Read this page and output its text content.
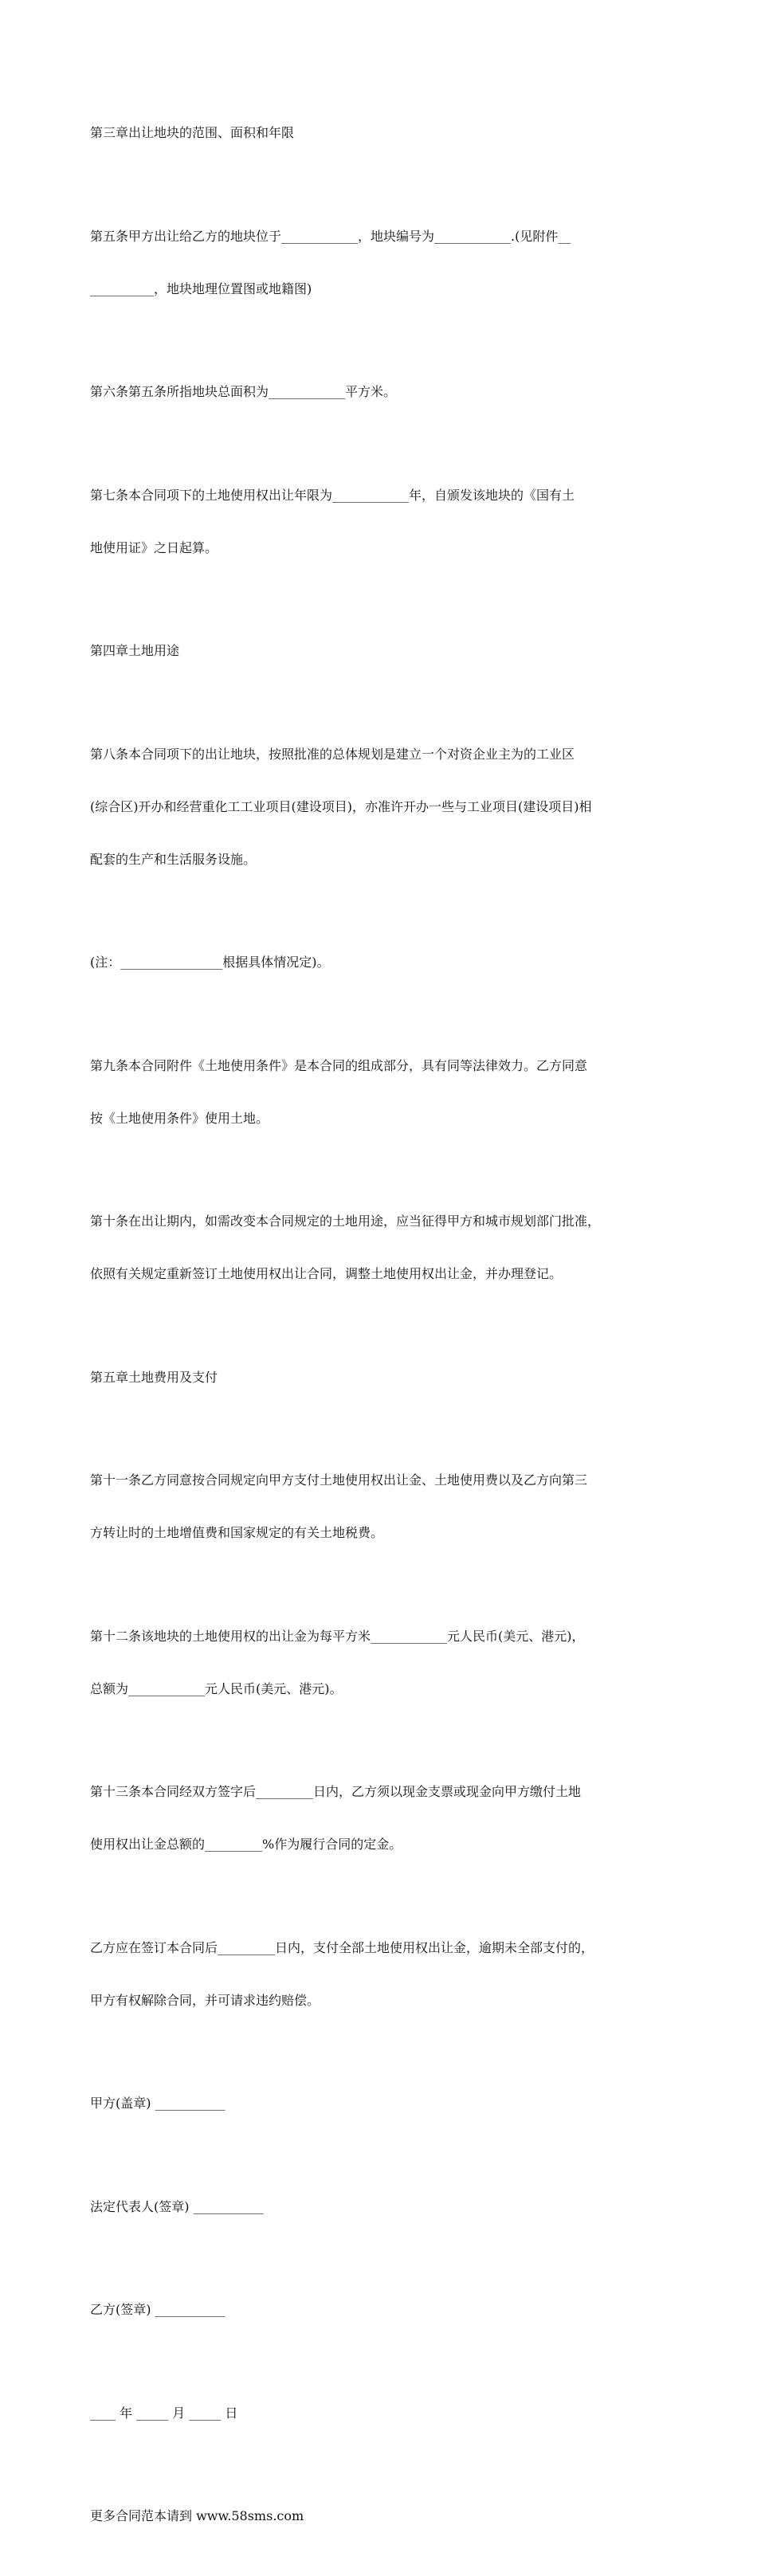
第三章出让地块的范围、面积和年限

第五条甲方出让给乙方的地块位于____________，地块编号为____________.(见附件__

__________，地块地理位置图或地籍图)

第六条第五条所指地块总面积为____________平方米。

第七条本合同项下的土地使用权出让年限为____________年，自颁发该地块的《国有土

地使用证》之日起算。

第四章土地用途

第八条本合同项下的出让地块，按照批准的总体规划是建立一个对资企业主为的工业区

(综合区)开办和经营重化工工业项目(建设项目)，亦准许开办一些与工业项目(建设项目)相

配套的生产和生活服务设施。

(注：________________根据具体情况定)。

第九条本合同附件《土地使用条件》是本合同的组成部分，具有同等法律效力。乙方同意

按《土地使用条件》使用土地。

第十条在出让期内，如需改变本合同规定的土地用途，应当征得甲方和城市规划部门批准，

依照有关规定重新签订土地使用权出让合同，调整土地使用权出让金，并办理登记。

第五章土地费用及支付

第十一条乙方同意按合同规定向甲方支付土地使用权出让金、土地使用费以及乙方向第三

方转让时的土地增值费和国家规定的有关土地税费。

第十二条该地块的土地使用权的出让金为每平方米____________元人民币(美元、港元)，

总额为____________元人民币(美元、港元)。

第十三条本合同经双方签字后_________日内，乙方须以现金支票或现金向甲方缴付土地

使用权出让金总额的_________%作为履行合同的定金。

乙方应在签订本合同后_________日内，支付全部土地使用权出让金，逾期未全部支付的，

甲方有权解除合同，并可请求违约赔偿。

甲方(盖章) ___________

法定代表人(签章) ___________

乙方(签章) ___________

____ 年 _____ 月 _____ 日

更多合同范本请到 www.58sms.com
